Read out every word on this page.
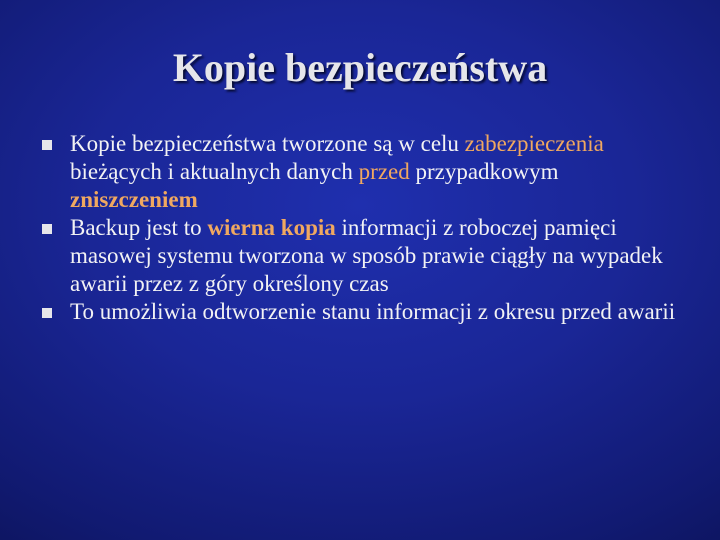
Kopie bezpieczeństwa
Kopie bezpieczeństwa tworzone są w celu zabezpieczenia bieżących i aktualnych danych przed przypadkowym zniszczeniem
Backup jest to wierna kopia informacji z roboczej pamięci masowej systemu tworzona w sposób prawie ciągły na wypadek awarii przez z góry określony czas
To umożliwia odtworzenie stanu informacji z okresu przed awarii
